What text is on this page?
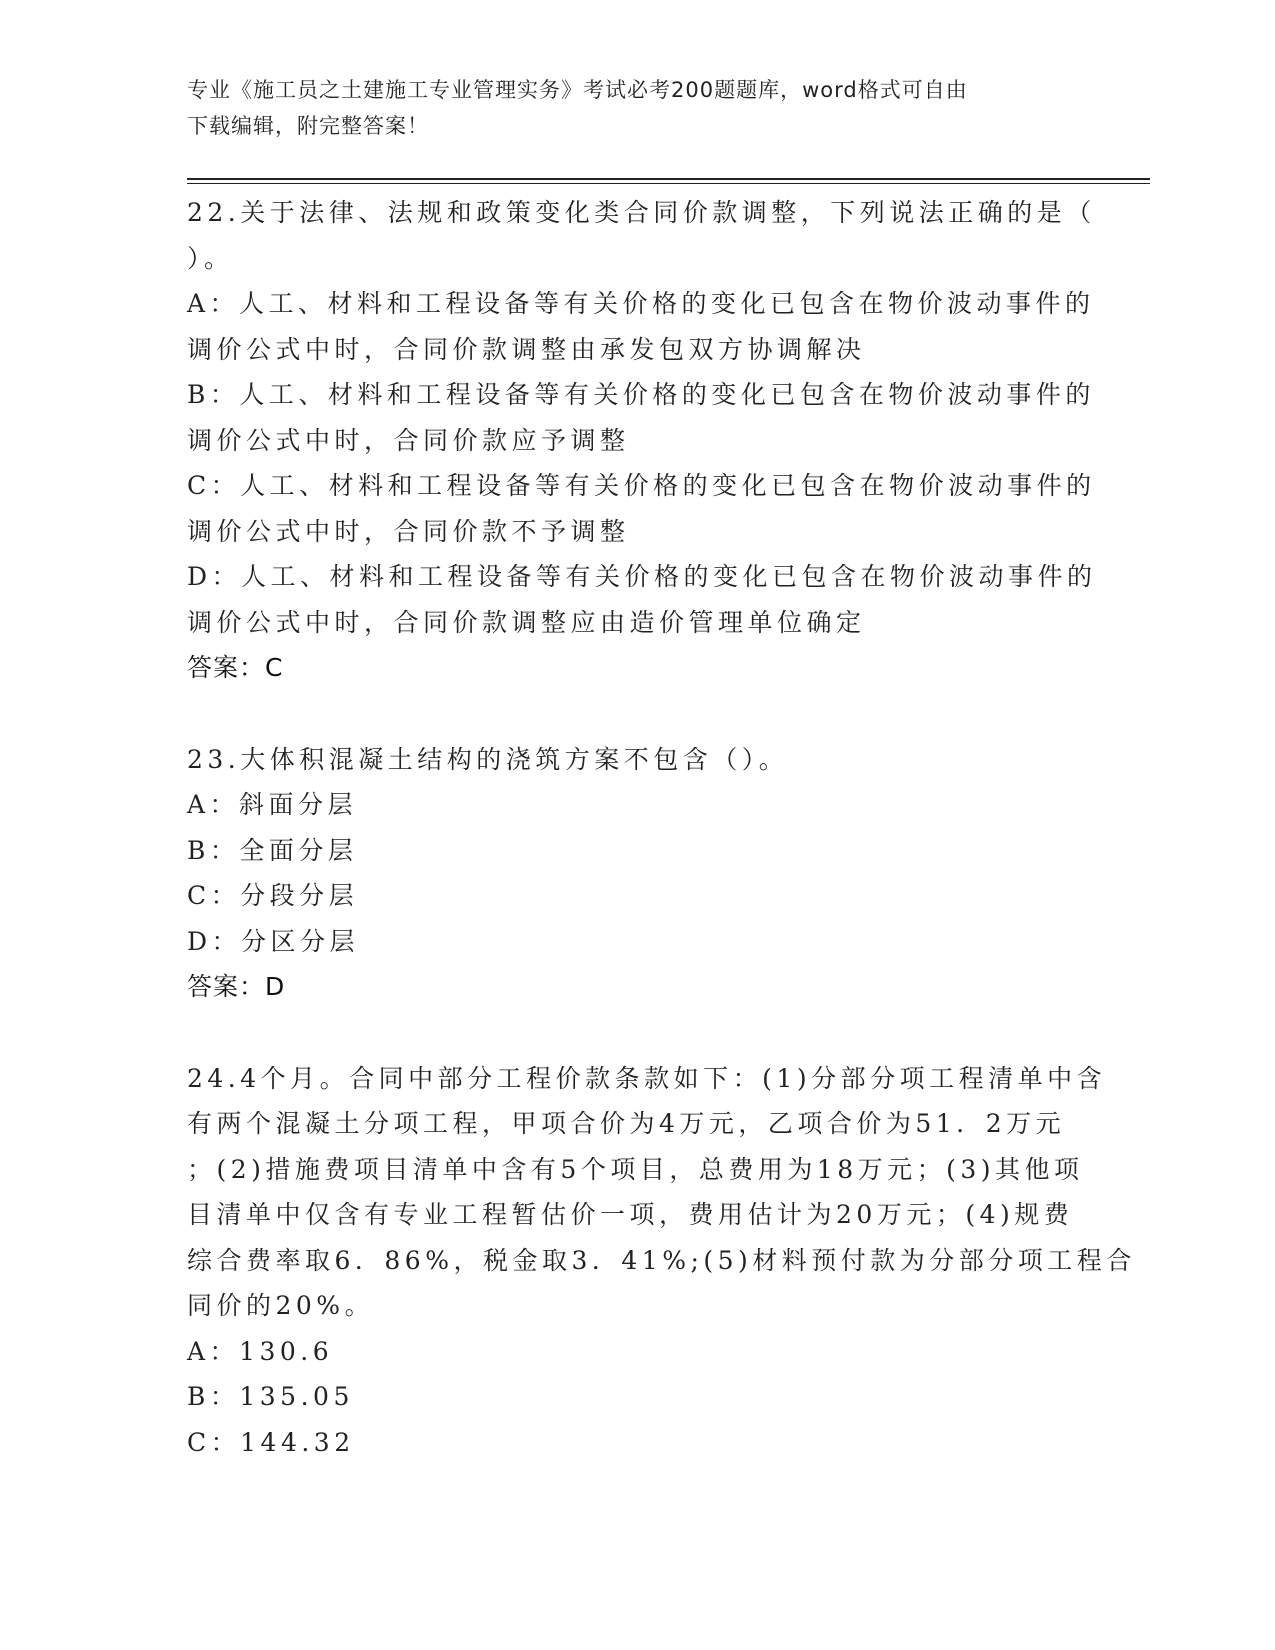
专业《施工员之土建施工专业管理实务》考试必考200题题库，word格式可自由
下载编辑，附完整答案！
22.关于法律、法规和政策变化类合同价款调整，下列说法正确的是（
）。
A：人工、材料和工程设备等有关价格的变化已包含在物价波动事件的
调价公式中时，合同价款调整由承发包双方协调解决
B：人工、材料和工程设备等有关价格的变化已包含在物价波动事件的
调价公式中时，合同价款应予调整
C：人工、材料和工程设备等有关价格的变化已包含在物价波动事件的
调价公式中时，合同价款不予调整
D：人工、材料和工程设备等有关价格的变化已包含在物价波动事件的
调价公式中时，合同价款调整应由造价管理单位确定
答案：C
23.大体积混凝土结构的浇筑方案不包含（）。
A：斜面分层
B：全面分层
C：分段分层
D：分区分层
答案：D
24.4个月。合同中部分工程价款条款如下：(1)分部分项工程清单中含
有两个混凝土分项工程，甲项合价为4万元，乙项合价为51．2万元
；(2)措施费项目清单中含有5个项目，总费用为18万元；(3)其他项
目清单中仅含有专业工程暂估价一项，费用估计为20万元；(4)规费
综合费率取6．86%，税金取3．41%;(5)材料预付款为分部分项工程合
同价的20%。
A：130.6
B：135.05
C：144.32
